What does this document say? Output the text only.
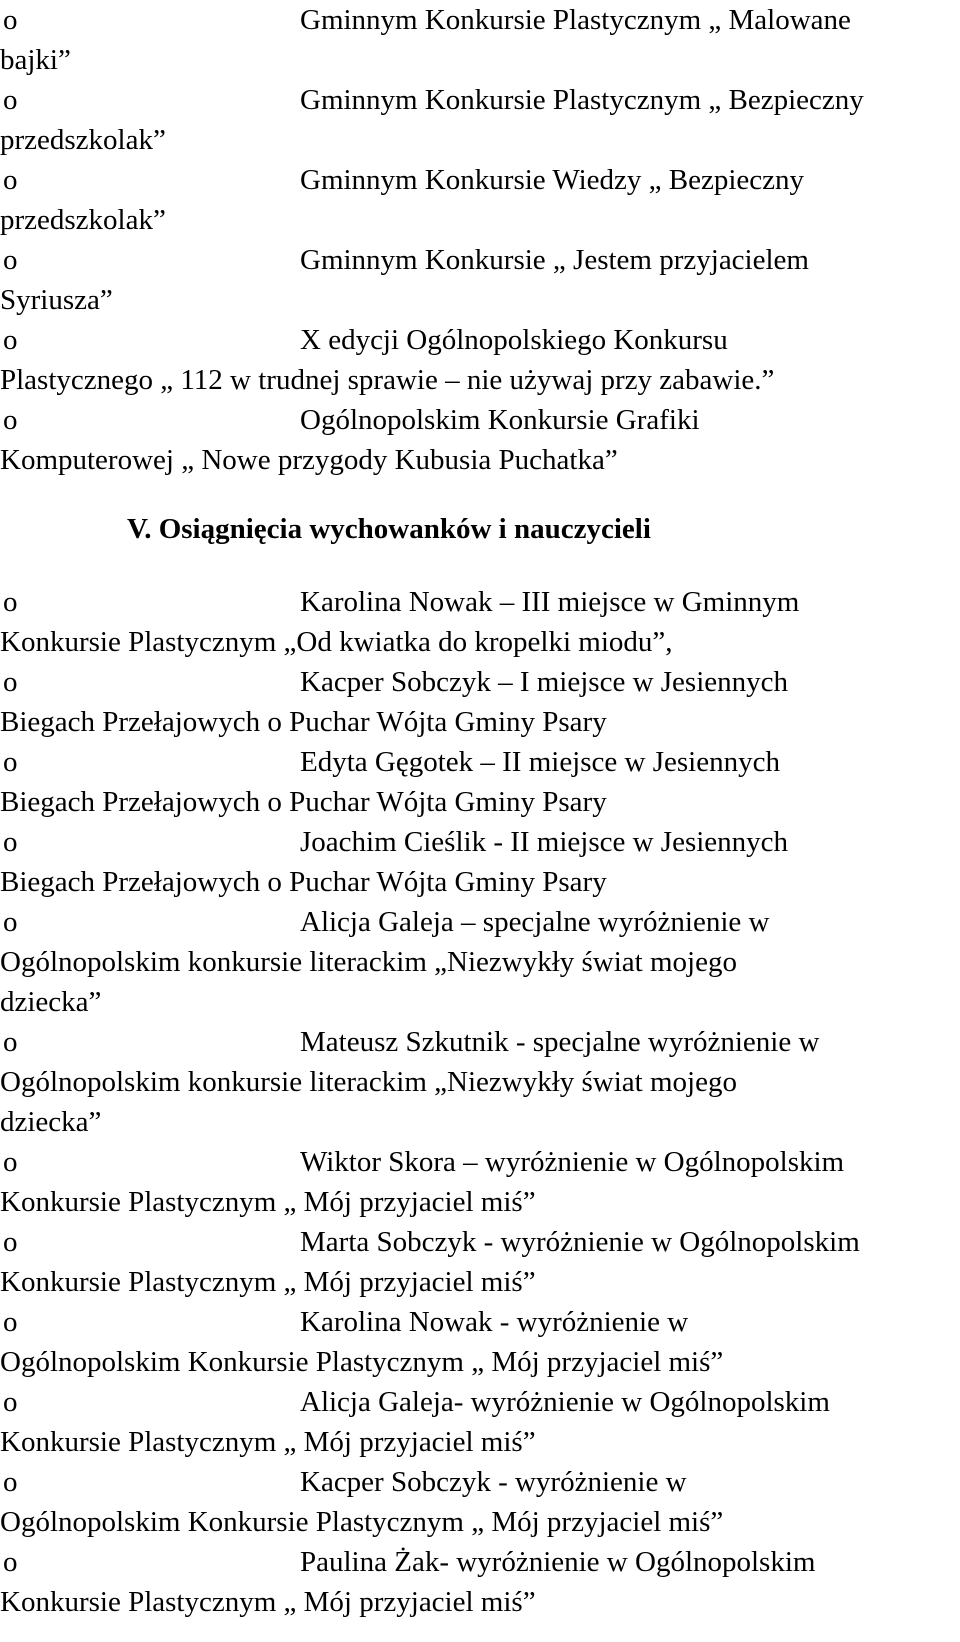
o	Gminnym Konkursie Plastycznym „ Malowane
bajki”
o	Gminnym Konkursie Plastycznym „ Bezpieczny
przedszkolak”
o	Gminnym Konkursie Wiedzy „ Bezpieczny
przedszkolak”
o	Gminnym Konkursie „ Jestem przyjacielem
Syriusza”
o	X edycji Ogólnopolskiego Konkursu
Plastycznego „ 112 w trudnej sprawie – nie używaj przy zabawie.”
o	Ogólnopolskim Konkursie Grafiki
Komputerowej „ Nowe przygody Kubusia Puchatka”
V. Osiągnięcia wychowanków i nauczycieli
o	Karolina Nowak – III miejsce w Gminnym
Konkursie Plastycznym „Od kwiatka do kropelki miodu”,
o	Kacper Sobczyk – I miejsce w Jesiennych
Biegach Przełajowych o Puchar Wójta Gminy Psary
o	Edyta Gęgotek – II miejsce w Jesiennych
Biegach Przełajowych o Puchar Wójta Gminy Psary
o	Joachim Cieślik - II miejsce w Jesiennych
Biegach Przełajowych o Puchar Wójta Gminy Psary
o	Alicja Galeja – specjalne wyróżnienie w
Ogólnopolskim konkursie literackim „Niezwykły świat mojego
dziecka”
o	Mateusz Szkutnik - specjalne wyróżnienie w
Ogólnopolskim konkursie literackim „Niezwykły świat mojego
dziecka”
o	Wiktor Skora – wyróżnienie w Ogólnopolskim
Konkursie Plastycznym „ Mój przyjaciel miś”
o	Marta Sobczyk - wyróżnienie w Ogólnopolskim
Konkursie Plastycznym „ Mój przyjaciel miś”
o	Karolina Nowak - wyróżnienie w
Ogólnopolskim Konkursie Plastycznym „ Mój przyjaciel miś”
o	Alicja Galeja- wyróżnienie w Ogólnopolskim
Konkursie Plastycznym „ Mój przyjaciel miś”
o	Kacper Sobczyk - wyróżnienie w
Ogólnopolskim Konkursie Plastycznym „ Mój przyjaciel miś”
o	Paulina Żak- wyróżnienie w Ogólnopolskim
Konkursie Plastycznym „ Mój przyjaciel miś”
